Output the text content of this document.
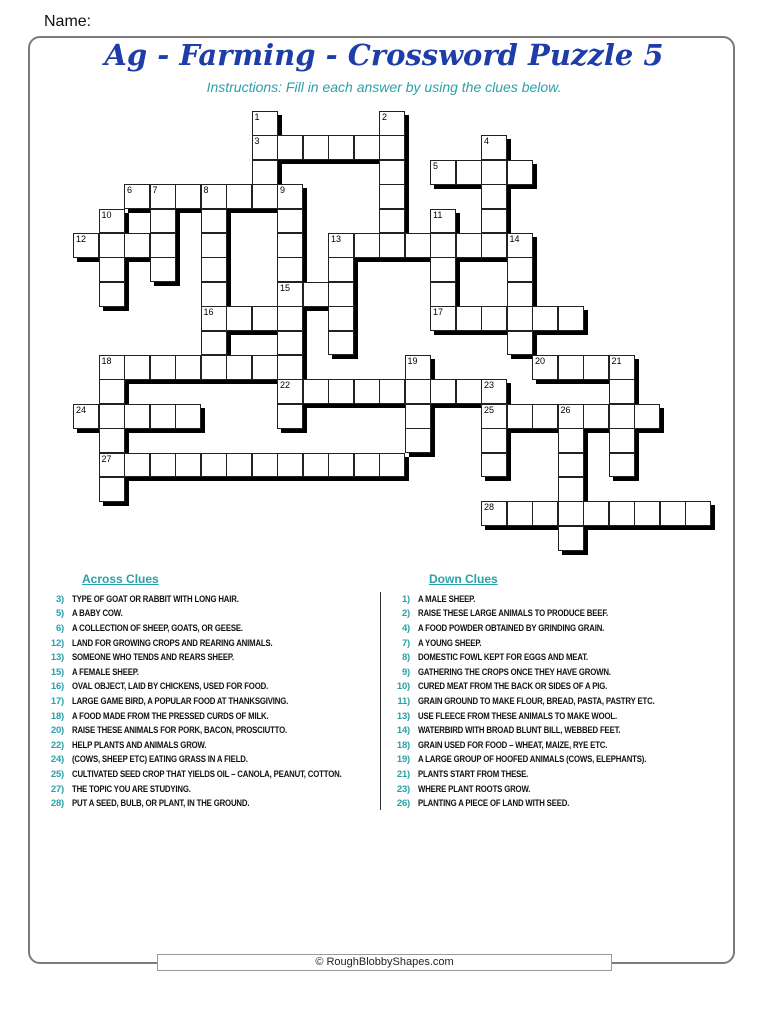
Name:
Ag - Farming - Crossword Puzzle 5
Instructions: Fill in each answer by using the clues below.
1	2
3	4
5
6 7	8	9
10	11
12	13	14
15
16	17
18	19	20	21
22	23
24	25	26
27
28
Across Clues	Down Clues
3) TYPE OF GOAT OR RABBIT WITH LONG HAIR.
5) A BABY COW.
6) A COLLECTION OF SHEEP, GOATS, OR GEESE.
12) LAND FOR GROWING CROPS AND REARING ANIMALS.
13) SOMEONE WHO TENDS AND REARS SHEEP.
15) A FEMALE SHEEP.
16) OVAL OBJECT, LAID BY CHICKENS, USED FOR FOOD.
17) LARGE GAME BIRD, A POPULAR FOOD AT THANKSGIVING.
18) A FOOD MADE FROM THE PRESSED CURDS OF MILK.
20) RAISE THESE ANIMALS FOR PORK, BACON, PROSCIUTTO.
22) HELP PLANTS AND ANIMALS GROW.
24) (COWS, SHEEP ETC) EATING GRASS IN A FIELD.
25) CULTIVATED SEED CROP THAT YIELDS OIL – CANOLA, PEANUT, COTTON.
27) THE TOPIC YOU ARE STUDYING.
28) PUT A SEED, BULB, OR PLANT, IN THE GROUND.
1) A MALE SHEEP.
2) RAISE THESE LARGE ANIMALS TO PRODUCE BEEF.
4) A FOOD POWDER OBTAINED BY GRINDING GRAIN.
7) A YOUNG SHEEP.
8) DOMESTIC FOWL KEPT FOR EGGS AND MEAT.
9) GATHERING THE CROPS ONCE THEY HAVE GROWN.
10) CURED MEAT FROM THE BACK OR SIDES OF A PIG.
11) GRAIN GROUND TO MAKE FLOUR, BREAD, PASTA, PASTRY ETC.
13) USE FLEECE FROM THESE ANIMALS TO MAKE WOOL.
14) WATERBIRD WITH BROAD BLUNT BILL, WEBBED FEET.
18) GRAIN USED FOR FOOD – WHEAT, MAIZE, RYE ETC.
19) A LARGE GROUP OF HOOFED ANIMALS (COWS, ELEPHANTS).
21) PLANTS START FROM THESE.
23) WHERE PLANT ROOTS GROW.
26) PLANTING A PIECE OF LAND WITH SEED.
© RoughBlobbyShapes.com
